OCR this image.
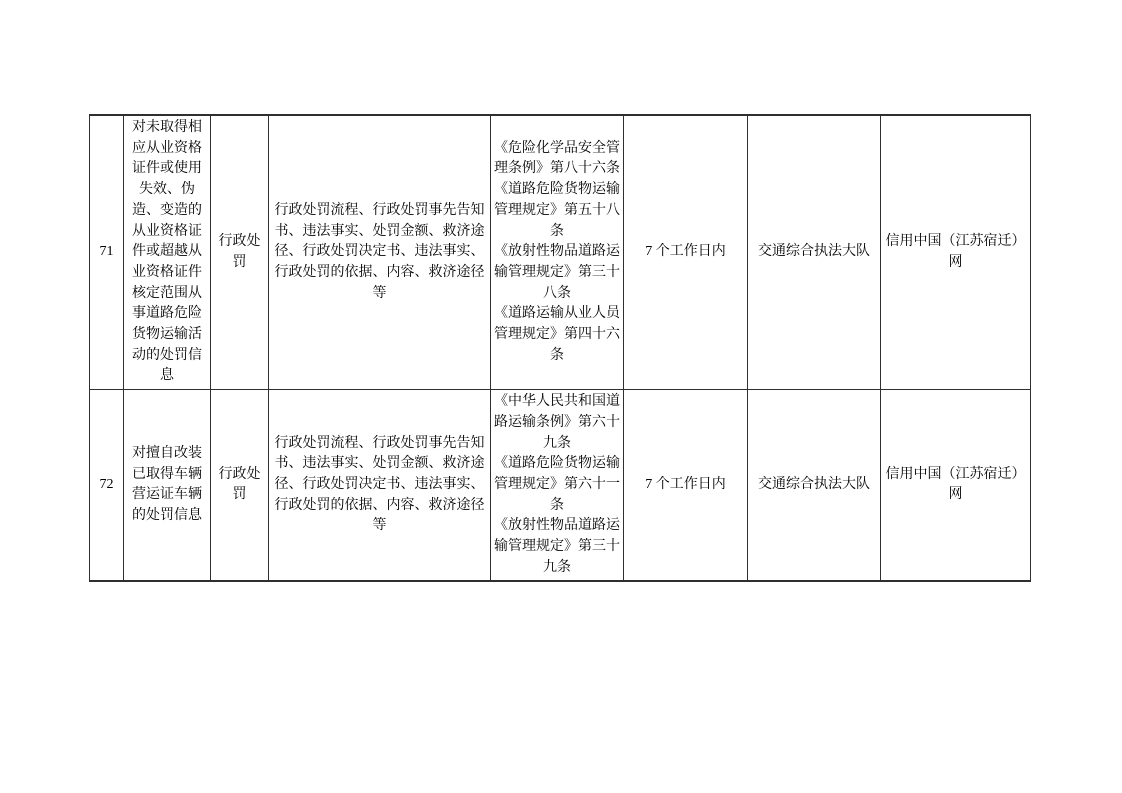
71	对未取得相应从业资格证件或使用失效、伪造、变造的从业资格证件或超越从业资格证件核定范围从事道路危险货物运输活动的处罚信息	行政处罚	行政处罚流程、行政处罚事先告知书、违法事实、处罚金额、救济途径、行政处罚决定书、违法事实、行政处罚的依据、内容、救济途径等	《危险化学品安全管理条例》第八十六条
《道路危险货物运输管理规定》第五十八条
《放射性物品道路运输管理规定》第三十八条
《道路运输从业人员管理规定》第四十六条	7 个工作日内	交通综合执法大队	信用中国（江苏宿迁）网
72	对擅自改装已取得车辆营运证车辆的处罚信息	行政处罚	行政处罚流程、行政处罚事先告知书、违法事实、处罚金额、救济途径、行政处罚决定书、违法事实、行政处罚的依据、内容、救济途径等	《中华人民共和国道路运输条例》第六十九条
《道路危险货物运输管理规定》第六十一条
《放射性物品道路运输管理规定》第三十九条	7 个工作日内	交通综合执法大队	信用中国（江苏宿迁）网
